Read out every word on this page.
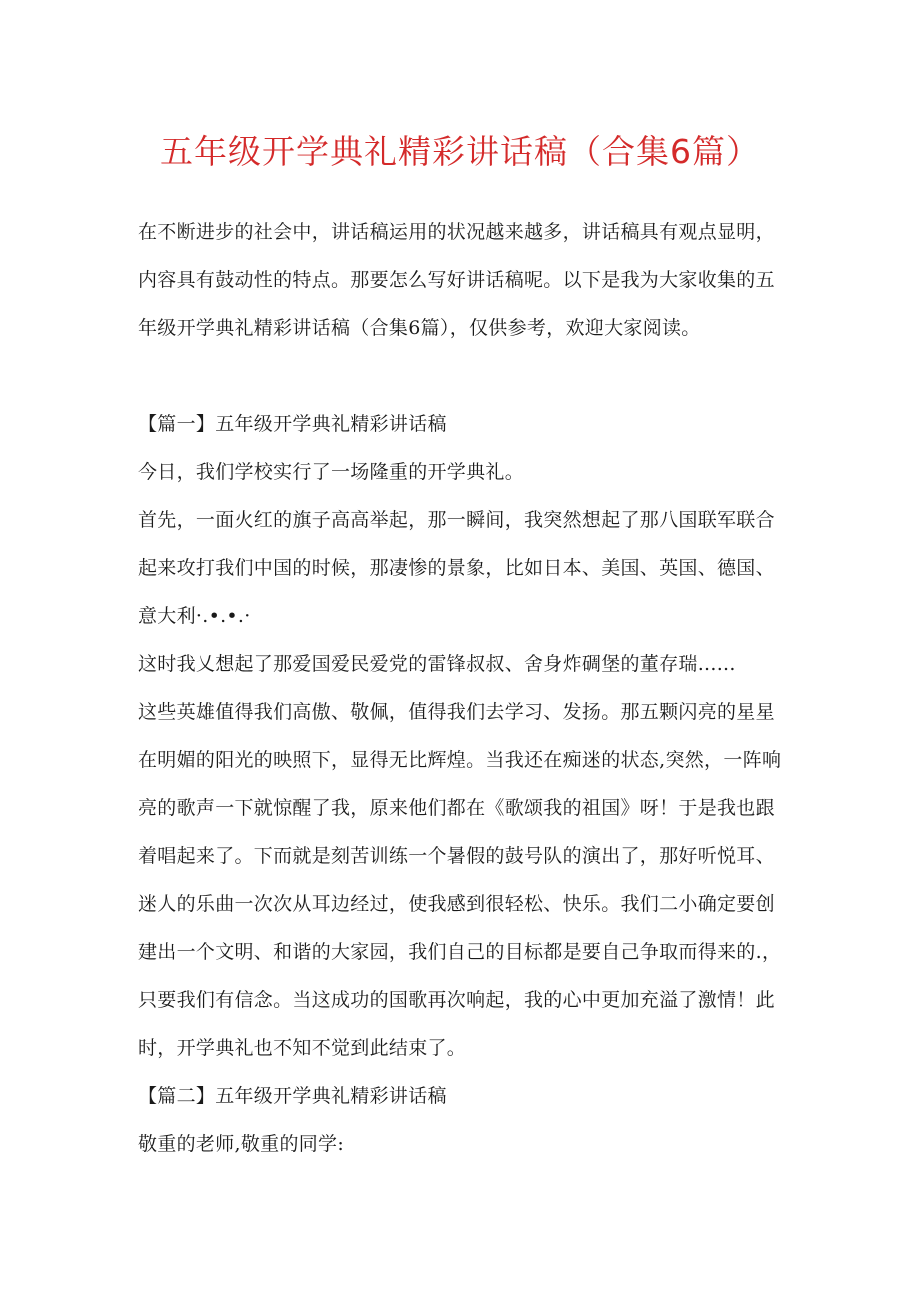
五年级开学典礼精彩讲话稿（合集6篇）

在不断进步的社会中，讲话稿运用的状况越来越多，讲话稿具有观点显明，内容具有鼓动性的特点。那要怎么写好讲话稿呢。以下是我为大家收集的五年级开学典礼精彩讲话稿（合集6篇），仅供参考，欢迎大家阅读。

【篇一】五年级开学典礼精彩讲话稿

今日，我们学校实行了一场隆重的开学典礼。

首先，一面火红的旗子高高举起，那一瞬间，我突然想起了那八国联军联合起来攻打我们中国的时候，那凄惨的景象，比如日本、美国、英国、德国、意大利·.•.•.·

这时我乂想起了那爱国爱民爱党的雷锋叔叔、舍身炸碉堡的董存瑞......

这些英雄值得我们高傲、敬佩，值得我们去学习、发扬。那五颗闪亮的星星在明媚的阳光的映照下，显得无比辉煌。当我还在痴迷的状态,突然，一阵响亮的歌声一下就惊醒了我，原来他们都在《歌颂我的祖国》呀！于是我也跟着唱起来了。下而就是刻苦训练一个暑假的鼓号队的演出了，那好听悦耳、迷人的乐曲一次次从耳边经过，使我感到很轻松、快乐。我们二小确定要创建出一个文明、和谐的大家园，我们自己的目标都是要自己争取而得来的.，只要我们有信念。当这成功的国歌再次响起，我的心中更加充溢了激情！此时，开学典礼也不知不觉到此结束了。

【篇二】五年级开学典礼精彩讲话稿

敬重的老师,敬重的同学:
